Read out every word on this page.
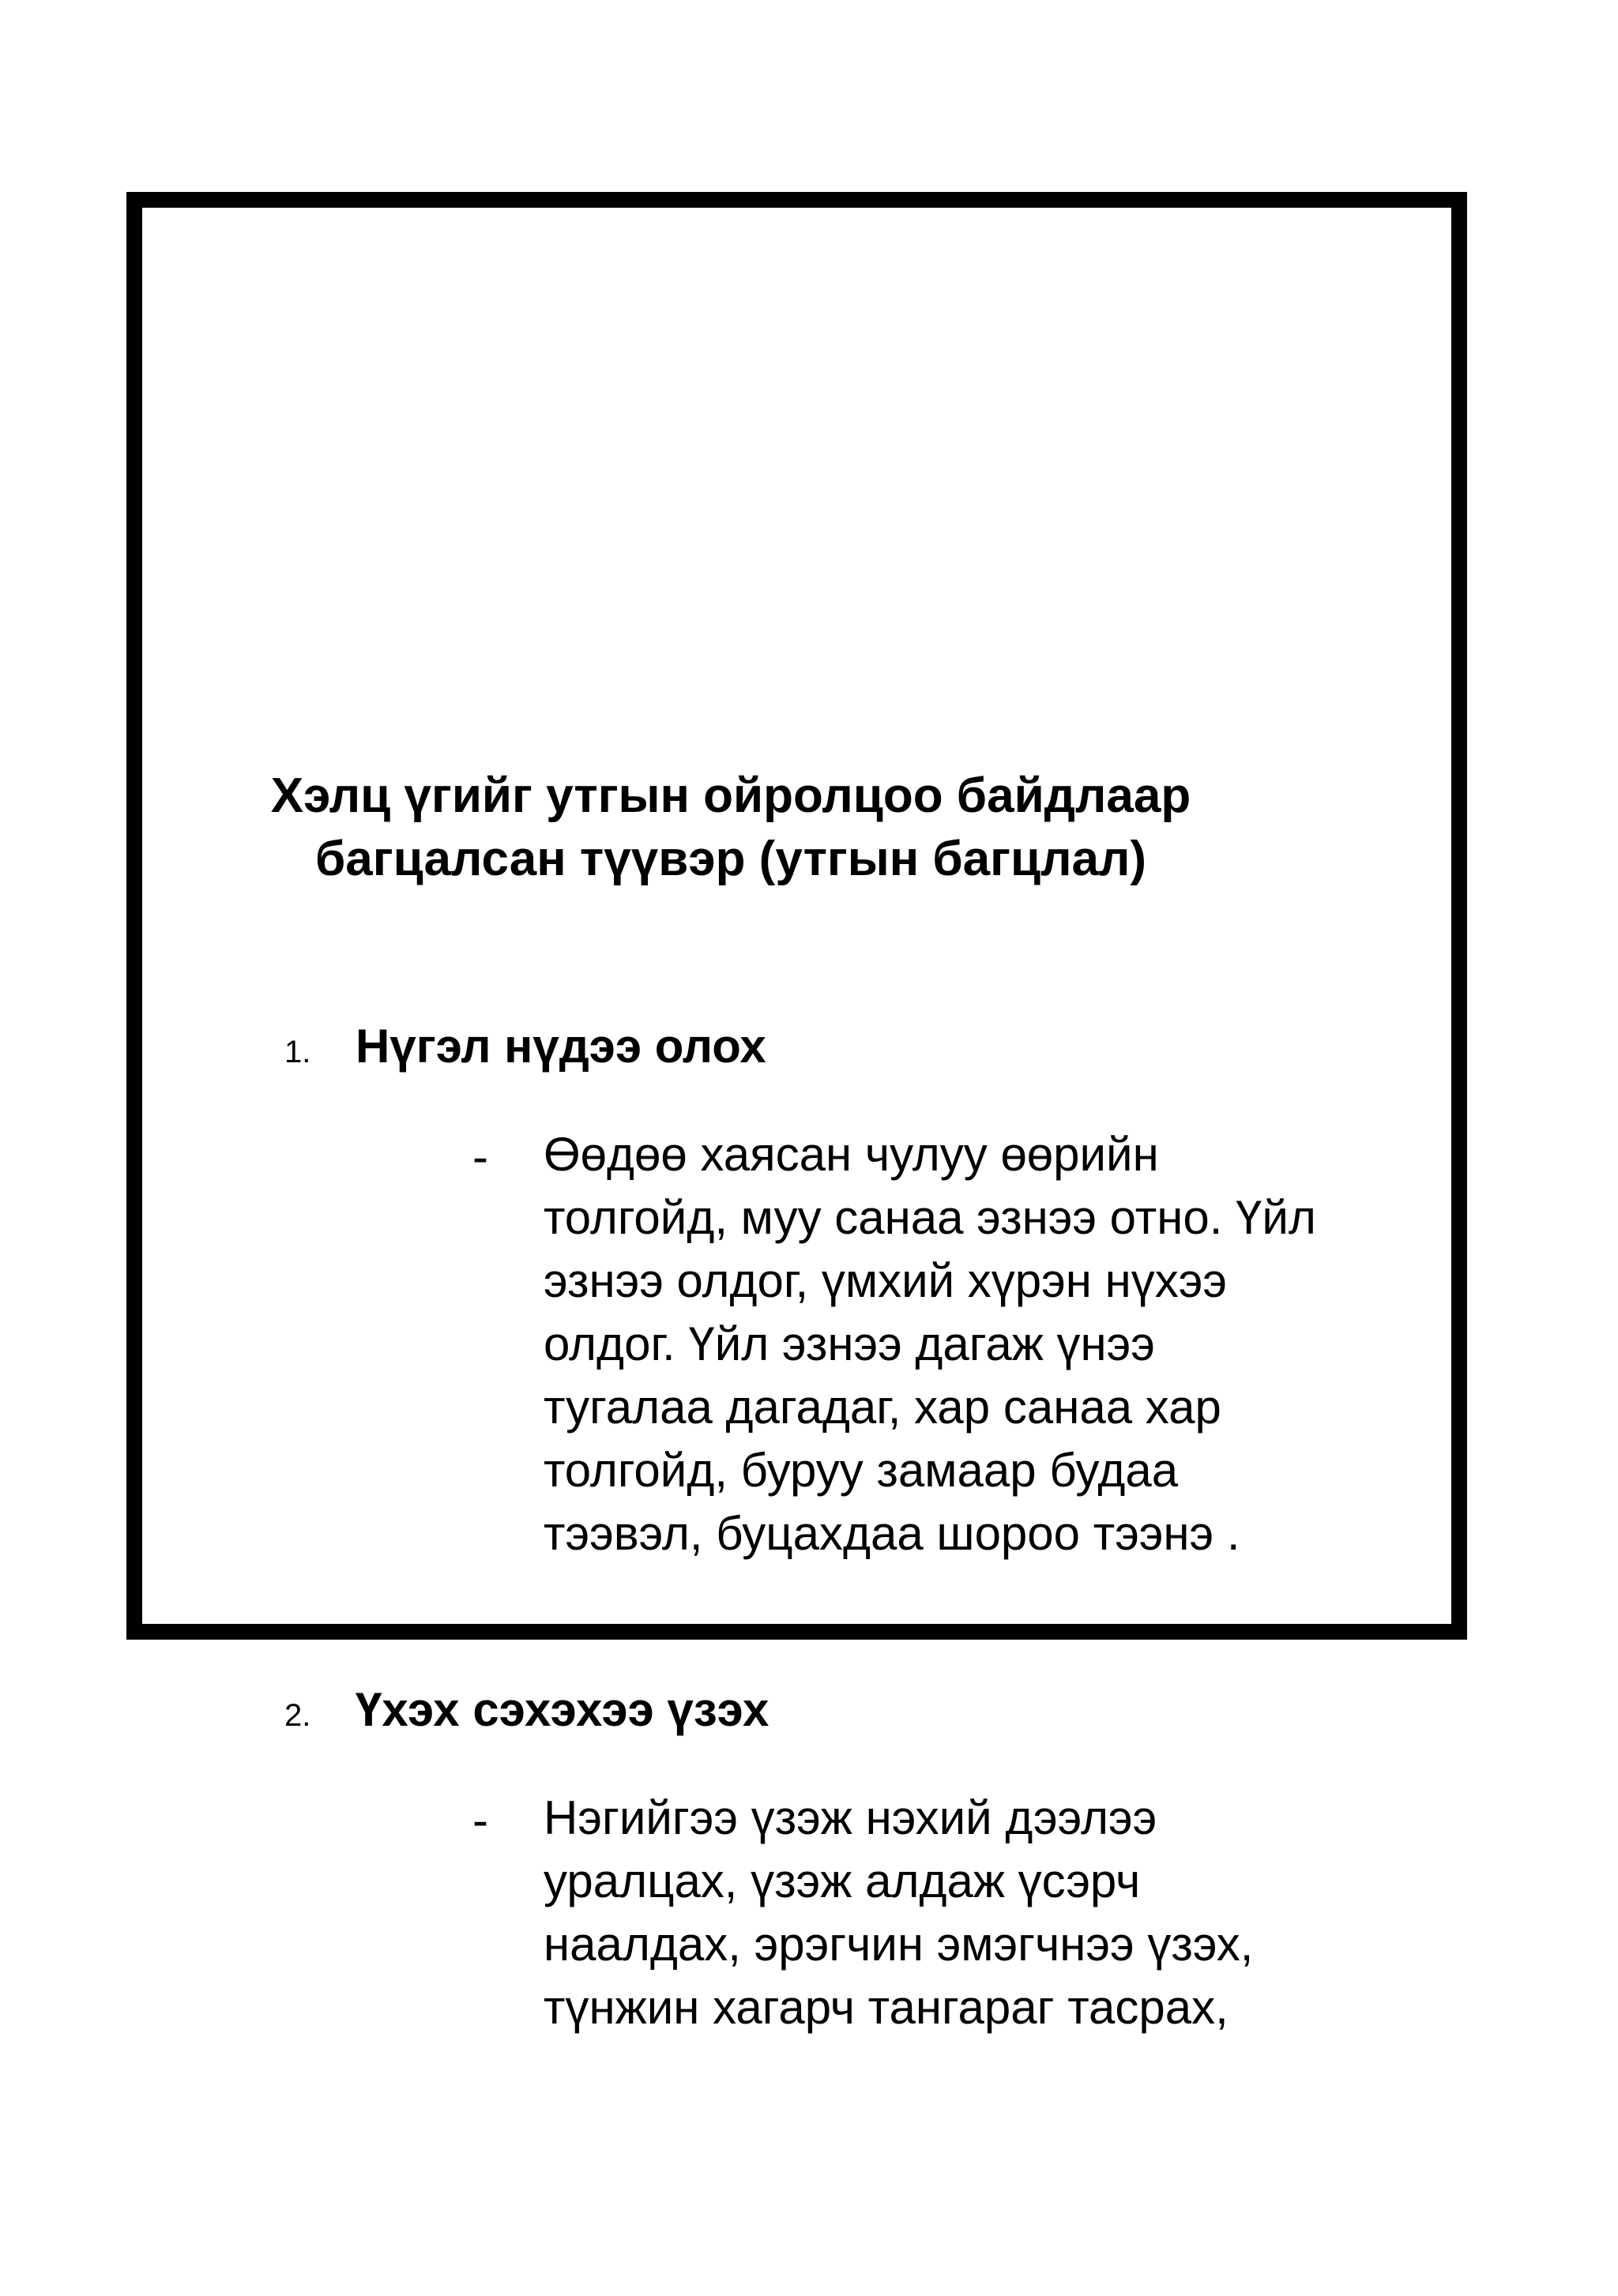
Хэлц үгийг утгын ойролцоо байдлаар
багцалсан түүвэр (утгын багцлал)
1. Нүгэл нүдээ олох
- Өөдөө хаясан чулуу өөрийн
толгойд, муу санаа эзнээ отно. Үйл
эзнээ олдог, үмхий хүрэн нүхээ
олдог. Үйл эзнээ дагаж үнээ
тугалаа дагадаг, хар санаа хар
толгойд, буруу замаар будаа
тээвэл, буцахдаа шороо тээнэ .

2. Үхэх сэхэхээ үзэх
- Нэгийгээ үзэж нэхий дээлээ
уралцах, үзэж алдаж үсэрч
наалдах, эрэгчин эмэгчнээ үзэх,
түнжин хагарч тангараг тасрах,
